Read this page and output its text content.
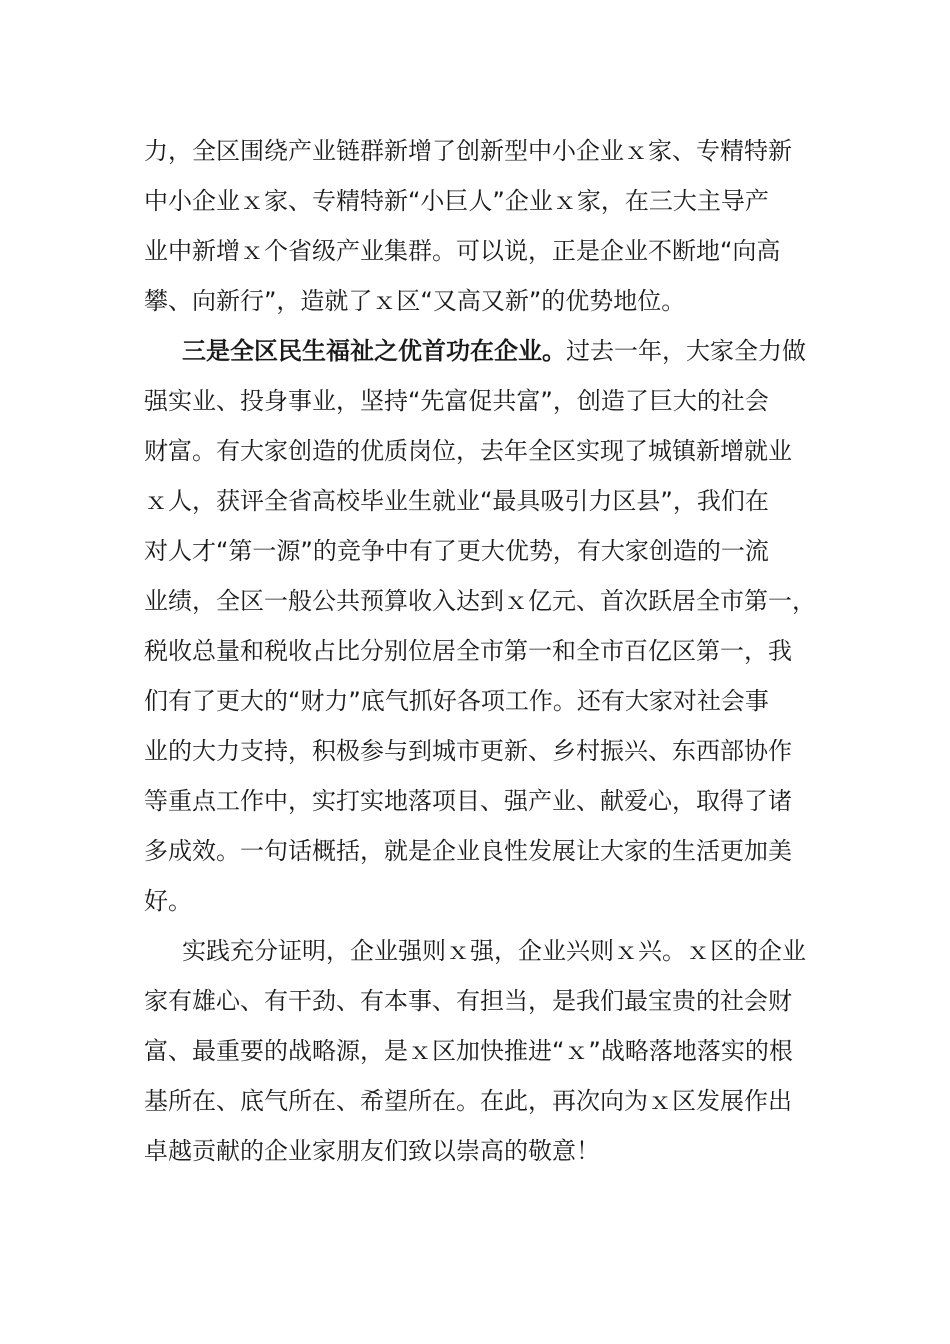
力，全区围绕产业链群新增了创新型中小企业ｘ家、专精特新
中小企业ｘ家、专精特新“小巨人”企业ｘ家，在三大主导产
业中新增ｘ个省级产业集群。可以说，正是企业不断地“向高
攀、向新行”，造就了ｘ区“又高又新”的优势地位。
三是全区民生福祉之优首功在企业。过去一年，大家全力做
强实业、投身事业，坚持“先富促共富”，创造了巨大的社会
财富。有大家创造的优质岗位，去年全区实现了城镇新增就业
ｘ人，获评全省高校毕业生就业“最具吸引力区县”，我们在
对人才“第一源”的竞争中有了更大优势，有大家创造的一流
业绩，全区一般公共预算收入达到ｘ亿元、首次跃居全市第一，
税收总量和税收占比分别位居全市第一和全市百亿区第一，我
们有了更大的“财力”底气抓好各项工作。还有大家对社会事
业的大力支持，积极参与到城市更新、乡村振兴、东西部协作
等重点工作中，实打实地落项目、强产业、献爱心，取得了诸
多成效。一句话概括，就是企业良性发展让大家的生活更加美
好。
实践充分证明，企业强则ｘ强，企业兴则ｘ兴。ｘ区的企业
家有雄心、有干劲、有本事、有担当，是我们最宝贵的社会财
富、最重要的战略源，是ｘ区加快推进“ｘ”战略落地落实的根
基所在、底气所在、希望所在。在此，再次向为ｘ区发展作出
卓越贡献的企业家朋友们致以崇高的敬意！
